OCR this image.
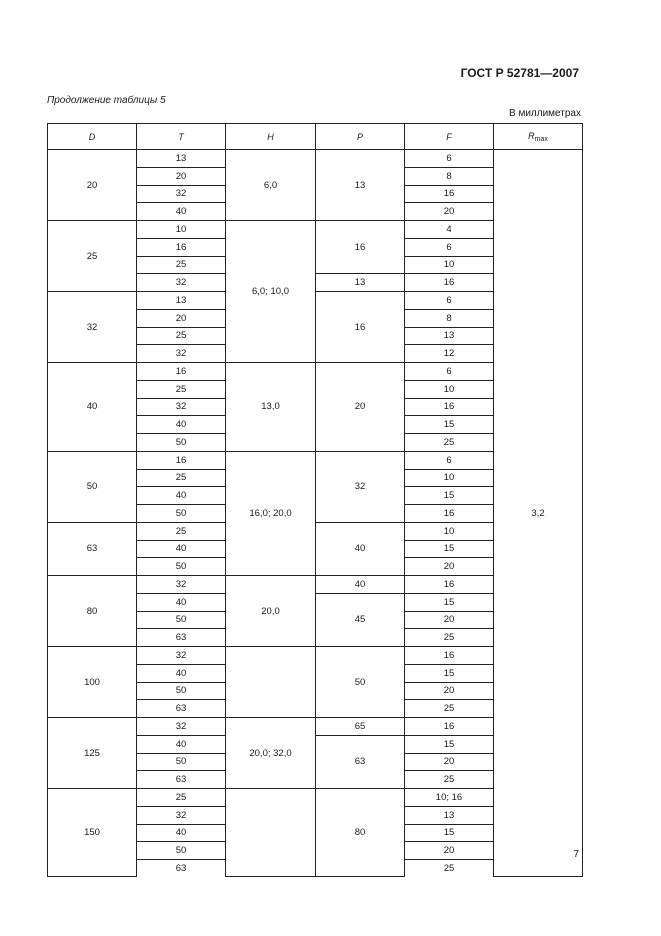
ГОСТ Р 52781—2007
Продолжение таблицы 5
В миллиметрах
D	T	H	P	F	$R_{max}$
20	13	6,0	13	6	3,2
	20			8	
	32			16	
	40			20	
25	10	6,0; 10,0	16	4	
	16			6	
	25			10	
	32		13	16	
32	13		16	6	
	20			8	
	25			13	
	32			12	
40	16	13,0	20	6	
	25			10	
	32			16	
	40			15	
	50			25	
50	16	16,0; 20,0	32	6	
	25			10	
	40			15	
	50			16	
63	25		40	10	
	40			15	
	50			20	
80	32	20,0	40	16	
	40		45	15	
	50			20	
	63			25	
100	32		50	16	
	40			15	
	50			20	
	63			25	
125	32	20,0; 32,0	65	16	
	40		63	15	
	50			20	
	63			25	
150	25		80	10; 16	
	32			13	
	40			15	
	50			20	
	63			25	
7
